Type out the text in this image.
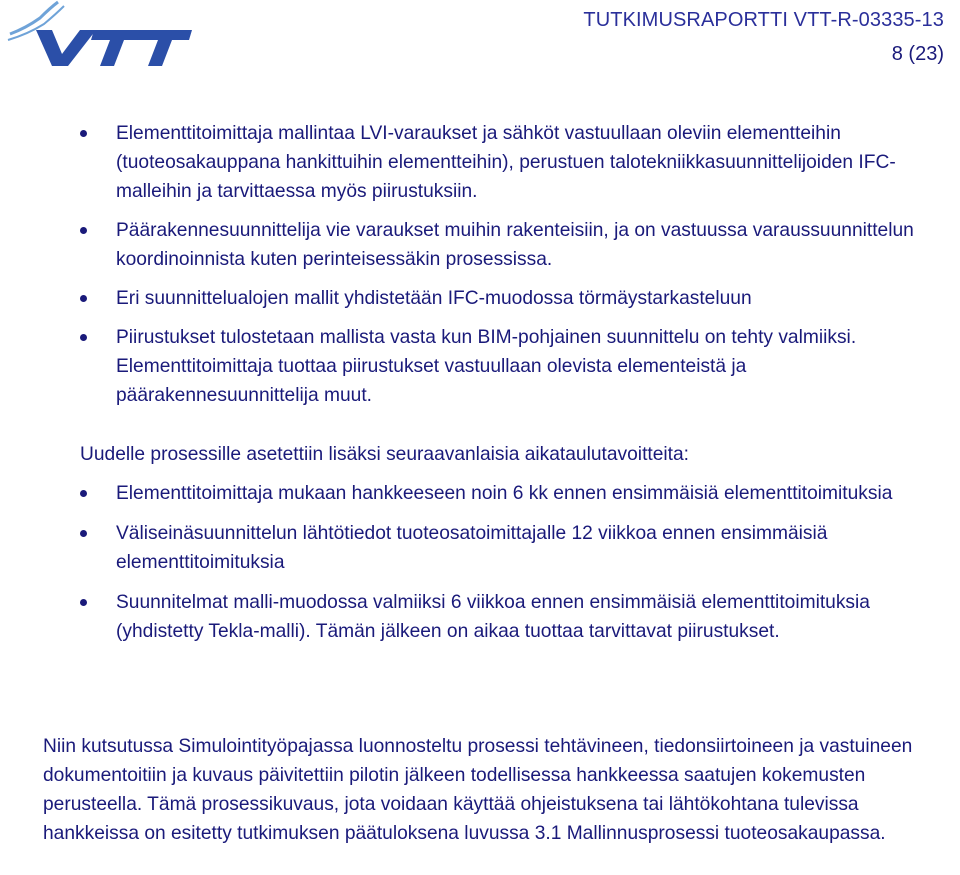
TUTKIMUSRAPORTTI VTT-R-03335-13
8 (23)
Elementtitoimittaja mallintaa LVI-varaukset ja sähköt vastuullaan oleviin elementteihin (tuoteosakauppana hankittuihin elementteihin), perustuen talotekniikkasuunnittelijoiden IFC-malleihin ja tarvittaessa myös piirustuksiin.
Päärakennesuunnittelija vie varaukset muihin rakenteisiin, ja on vastuussa varaussuunnittelun koordinoinnista kuten perinteisessäkin prosessissa.
Eri suunnittelualojen mallit yhdistetään IFC-muodossa törmäystarkasteluun
Piirustukset tulostetaan mallista vasta kun BIM-pohjainen suunnittelu on tehty valmiiksi. Elementtitoimittaja tuottaa piirustukset vastuullaan olevista elementeistä ja päärakennesuunnittelija muut.
Uudelle prosessille asetettiin lisäksi seuraavanlaisia aikataulutavoitteita:
Elementtitoimittaja mukaan hankkeeseen noin 6 kk ennen ensimmäisiä elementtitoimituksia
Väliseinäsuunnittelun lähtötiedot tuoteosatoimittajalle 12 viikkoa ennen ensimmäisiä elementtitoimituksia
Suunnitelmat malli-muodossa valmiiksi 6 viikkoa ennen ensimmäisiä elementtitoimituksia (yhdistetty Tekla-malli). Tämän jälkeen on aikaa tuottaa tarvittavat piirustukset.
Niin kutsutussa Simulointityöpajassa luonnosteltu prosessi tehtävineen, tiedonsiirtoineen ja vastuineen dokumentoitiin ja kuvaus päivitettiin pilotin jälkeen todellisessa hankkeessa saatujen kokemusten perusteella. Tämä prosessikuvaus, jota voidaan käyttää ohjeistuksena tai lähtökohtana tulevissa hankkeissa on esitetty tutkimuksen päätuloksena luvussa 3.1 Mallinnusprosessi tuoteosakaupassa.
